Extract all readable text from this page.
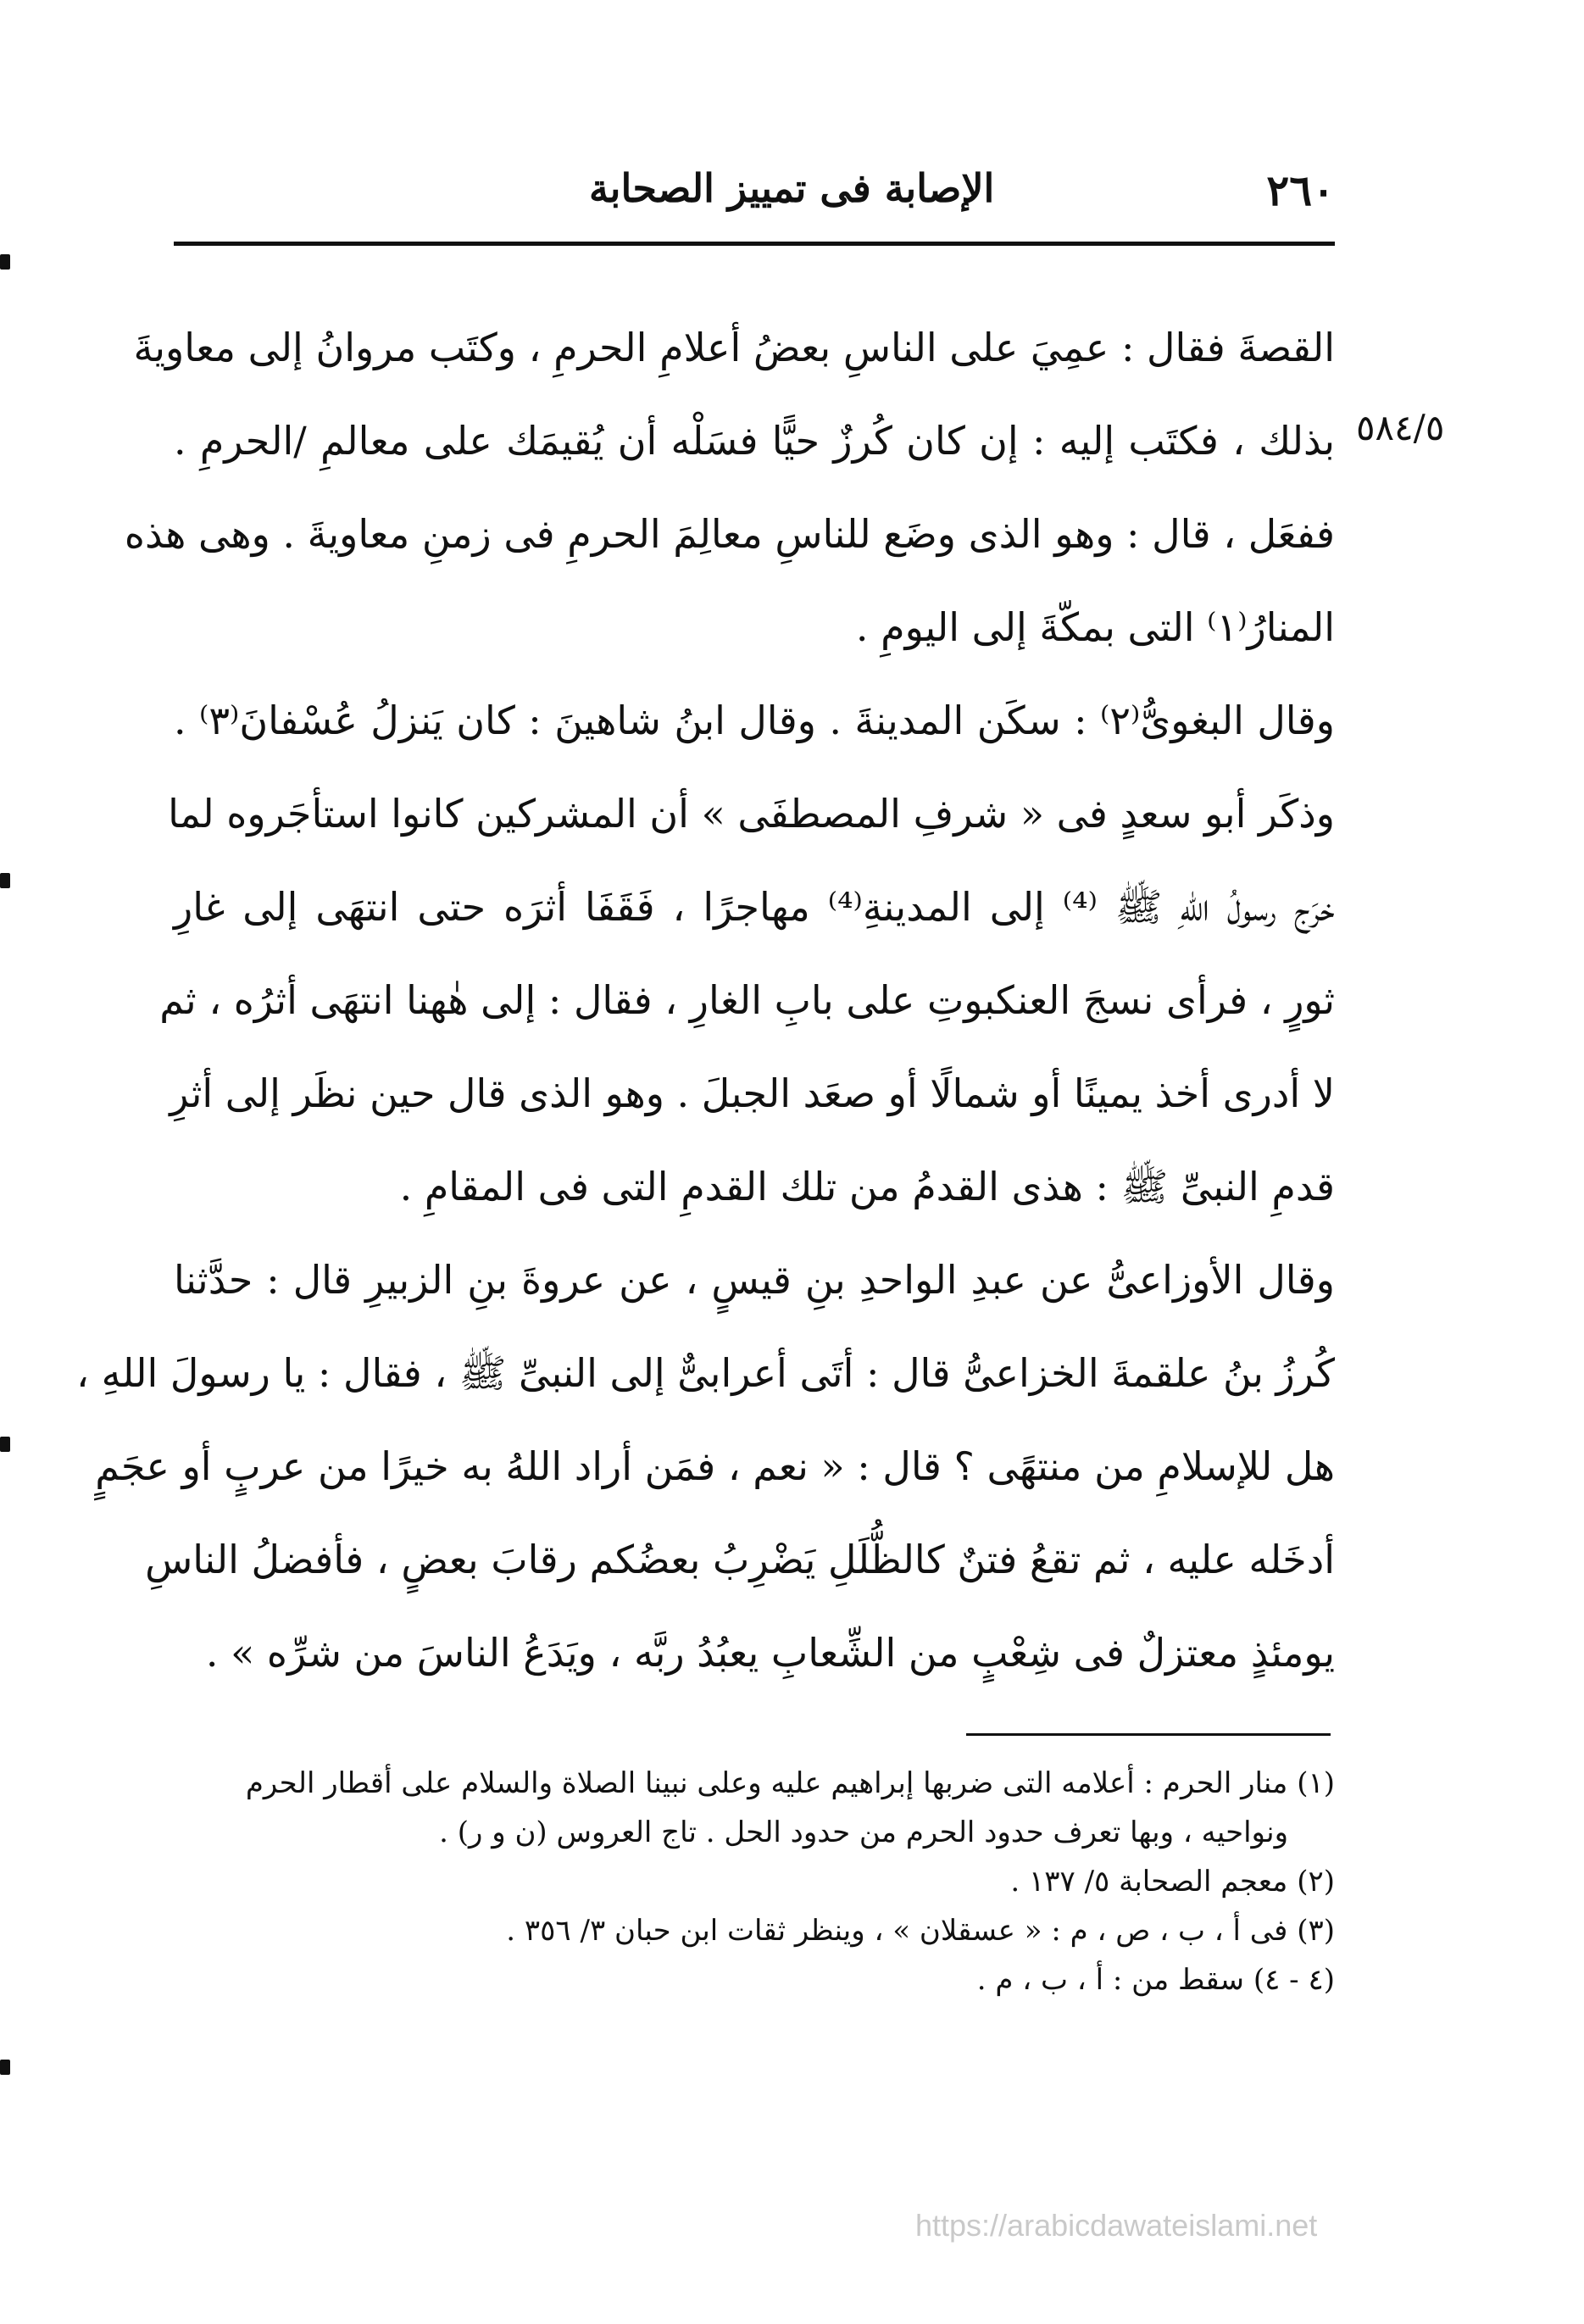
٢٦٠
الإصابة فى تمييز الصحابة
٥٨٤/٥
القصةَ فقال : عمِيَ على الناسِ بعضُ أعلامِ الحرمِ ، وكتَب مروانُ إلى معاويةَ
بذلك ، فكتَب إليه : إن كان كُرزٌ حيًّا فسَلْه أن يُقيمَك على معالمِ /الحرمِ .
ففعَل ، قال : وهو الذى وضَع للناسِ معالِمَ الحرمِ فى زمنِ معاويةَ . وهى هذه
المنارُ⁽١⁾ التى بمكّةَ إلى اليومِ .
وقال البغوىُّ⁽٢⁾ : سكَن المدينةَ . وقال ابنُ شاهينَ : كان يَنزلُ عُسْفانَ⁽٣⁾ .
وذكَر أبو سعدٍ فى « شرفِ المصطفَى » أن المشركين كانوا استأجَروه لما
خرَج رسولُ اللهِ ﷺ ⁽⁴⁾ إلى المدينةِ⁽⁴⁾ مهاجرًا ، فَقَفَا أثرَه حتى انتهَى إلى غارِ
ثورٍ ، فرأى نسجَ العنكبوتِ على بابِ الغارِ ، فقال : إلى هٰهنا انتهَى أثرُه ، ثم
لا أدرى أخذ يمينًا أو شمالًا أو صعَد الجبلَ . وهو الذى قال حين نظَر إلى أثرِ
قدمِ النبىِّ ﷺ : هذى القدمُ من تلك القدمِ التى فى المقامِ .
وقال الأوزاعىُّ عن عبدِ الواحدِ بنِ قيسٍ ، عن عروةَ بنِ الزبيرِ قال : حدَّثنا
كُرزُ بنُ علقمةَ الخزاعىُّ قال : أتَى أعرابىٌّ إلى النبىِّ ﷺ ، فقال : يا رسولَ اللهِ ،
هل للإسلامِ من منتهًى ؟ قال : « نعم ، فمَن أراد اللهُ به خيرًا من عربٍ أو عجَمٍ
أدخَله عليه ، ثم تقعُ فتنٌ كالظُّلَلِ يَضْرِبُ بعضُكم رقابَ بعضٍ ، فأفضلُ الناسِ
يومئذٍ معتزلٌ فى شِعْبٍ من الشِّعابِ يعبُدُ ربَّه ، ويَدَعُ الناسَ من شرِّه » .

(١) منار الحرم : أعلامه التى ضربها إبراهيم عليه وعلى نبينا الصلاة والسلام على أقطار الحرم

ونواحيه ، وبها تعرف حدود الحرم من حدود الحل . تاج العروس (ن و ر) .

(٢) معجم الصحابة ٥/ ١٣٧ .

(٣) فى أ ، ب ، ص ، م : « عسقلان » ، وينظر ثقات ابن حبان ٣/ ٣٥٦ .

(٤ - ٤) سقط من : أ ، ب ، م .

https://arabicdawateislami.net
